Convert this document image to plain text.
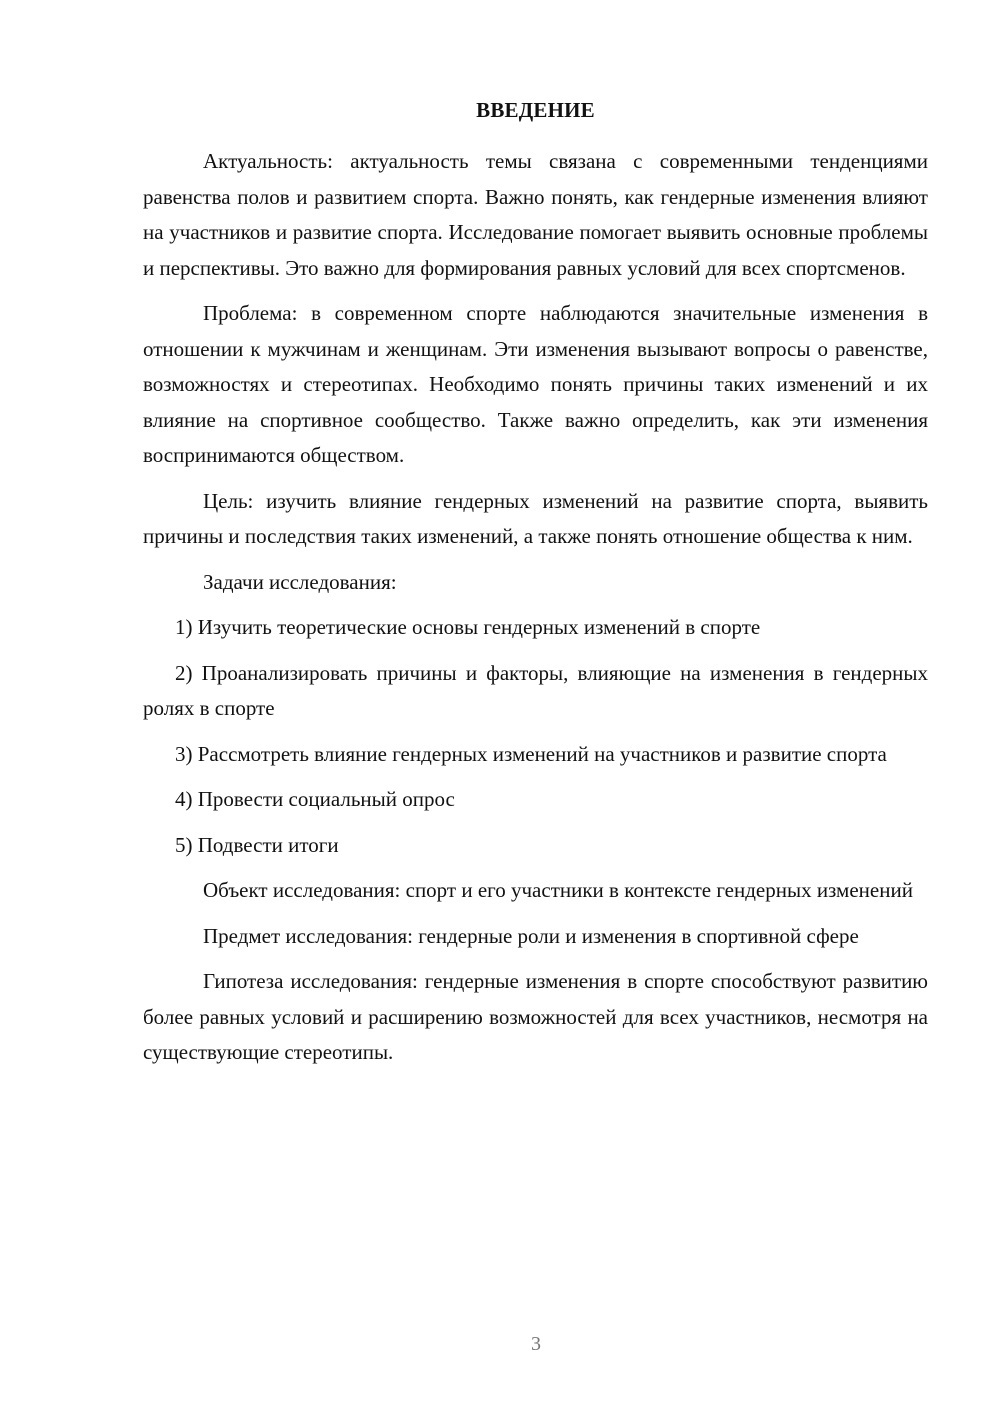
ВВЕДЕНИЕ

Актуальность: актуальность темы связана с современными тенденциями равенства полов и развитием спорта. Важно понять, как гендерные изменения влияют на участников и развитие спорта. Исследование помогает выявить основные проблемы и перспективы. Это важно для формирования равных условий для всех спортсменов.

Проблема: в современном спорте наблюдаются значительные изменения в отношении к мужчинам и женщинам. Эти изменения вызывают вопросы о равенстве, возможностях и стереотипах. Необходимо понять причины таких изменений и их влияние на спортивное сообщество. Также важно определить, как эти изменения воспринимаются обществом.

Цель: изучить влияние гендерных изменений на развитие спорта, выявить причины и последствия таких изменений, а также понять отношение общества к ним.

Задачи исследования:

1) Изучить теоретические основы гендерных изменений в спорте

2) Проанализировать причины и факторы, влияющие на изменения в гендерных ролях в спорте

3) Рассмотреть влияние гендерных изменений на участников и развитие спорта

4) Провести социальный опрос

5) Подвести итоги

Объект исследования: спорт и его участники в контексте гендерных изменений

Предмет исследования: гендерные роли и изменения в спортивной сфере

Гипотеза исследования: гендерные изменения в спорте способствуют развитию более равных условий и расширению возможностей для всех участников, несмотря на существующие стереотипы.

3
